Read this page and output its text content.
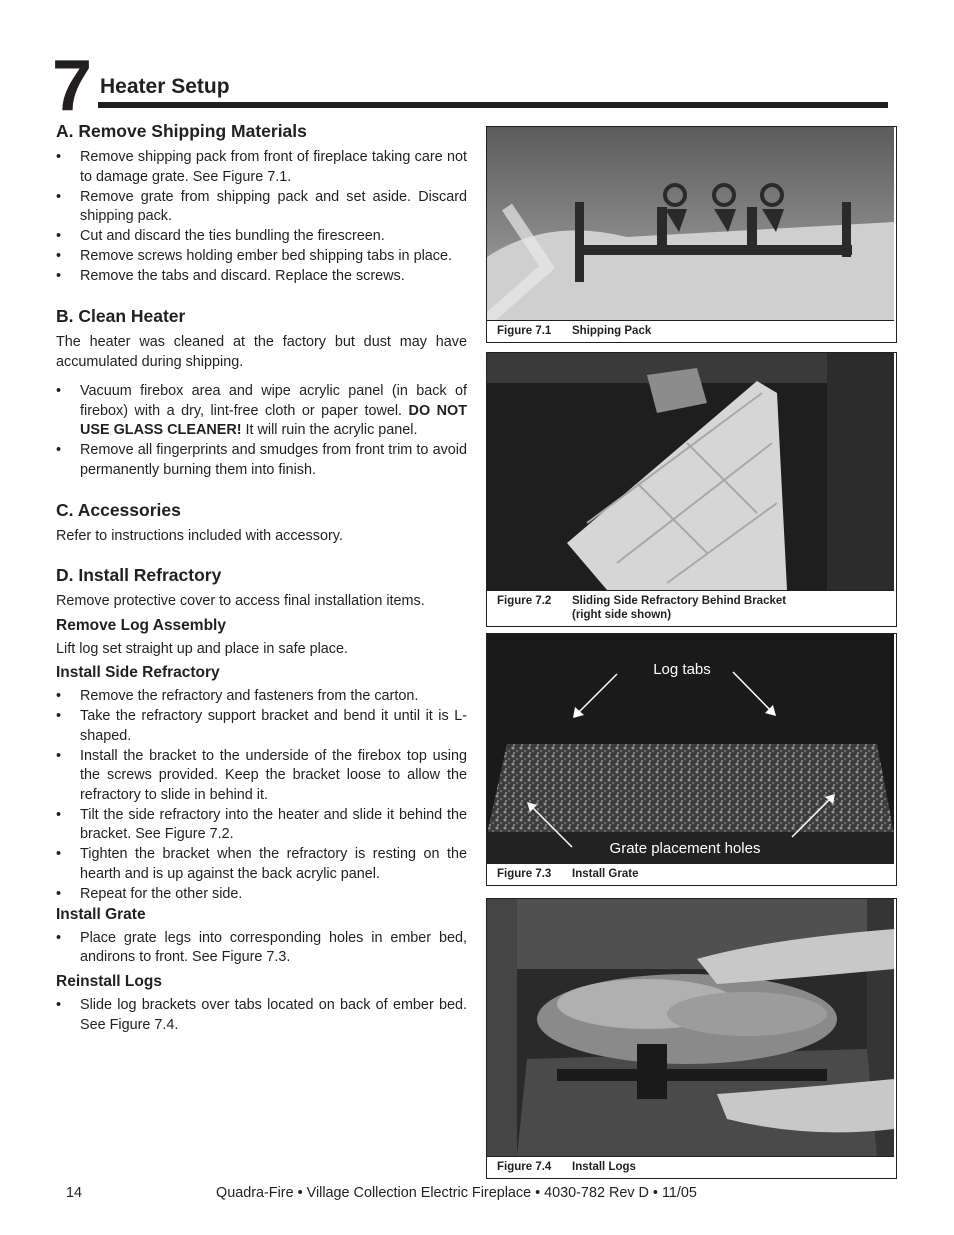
7 Heater Setup
A. Remove Shipping Materials
• Remove shipping pack from front of fireplace taking care not to damage grate. See Figure 7.1.
• Remove grate from shipping pack and set aside. Discard shipping pack.
• Cut and discard the ties bundling the firescreen.
• Remove screws holding ember bed shipping tabs in place.
• Remove the tabs and discard. Replace the screws.
B. Clean Heater

The heater was cleaned at the factory but dust may have accumulated during shipping.

• Vacuum firebox area and wipe acrylic panel (in back of firebox) with a dry, lint-free cloth or paper towel. DO NOT USE GLASS CLEANER! It will ruin the acrylic panel.
• Remove all fingerprints and smudges from front trim to avoid permanently burning them into finish.
C. Accessories

Refer to instructions included with accessory.

D. Install Refractory

Remove protective cover to access final installation items.

Remove Log Assembly

Lift log set straight up and place in safe place.

Install Side Refractory
• Remove the refractory and fasteners from the carton.
• Take the refractory support bracket and bend it until it is L-shaped.
• Install the bracket to the underside of the firebox top using the screws provided. Keep the bracket loose to allow the refractory to slide in behind it.
• Tilt the side refractory into the heater and slide it behind the bracket. See Figure 7.2.
• Tighten the bracket when the refractory is resting on the hearth and is up against the back acrylic panel.
• Repeat for the other side.
Install Grate
• Place grate legs into corresponding holes in ember bed, andirons to front. See Figure 7.3.
Reinstall Logs
• Slide log brackets over tabs located on back of ember bed. See Figure 7.4.
Figure 7.1	Shipping Pack
Figure 7.2	Sliding Side Refractory Behind Bracket
(right side shown)
Log tabs
Grate placement holes
Figure 7.3	Install Grate
Figure 7.4	Install Logs
14	Quadra-Fire • Village Collection Electric Fireplace • 4030-782 Rev D • 11/05
